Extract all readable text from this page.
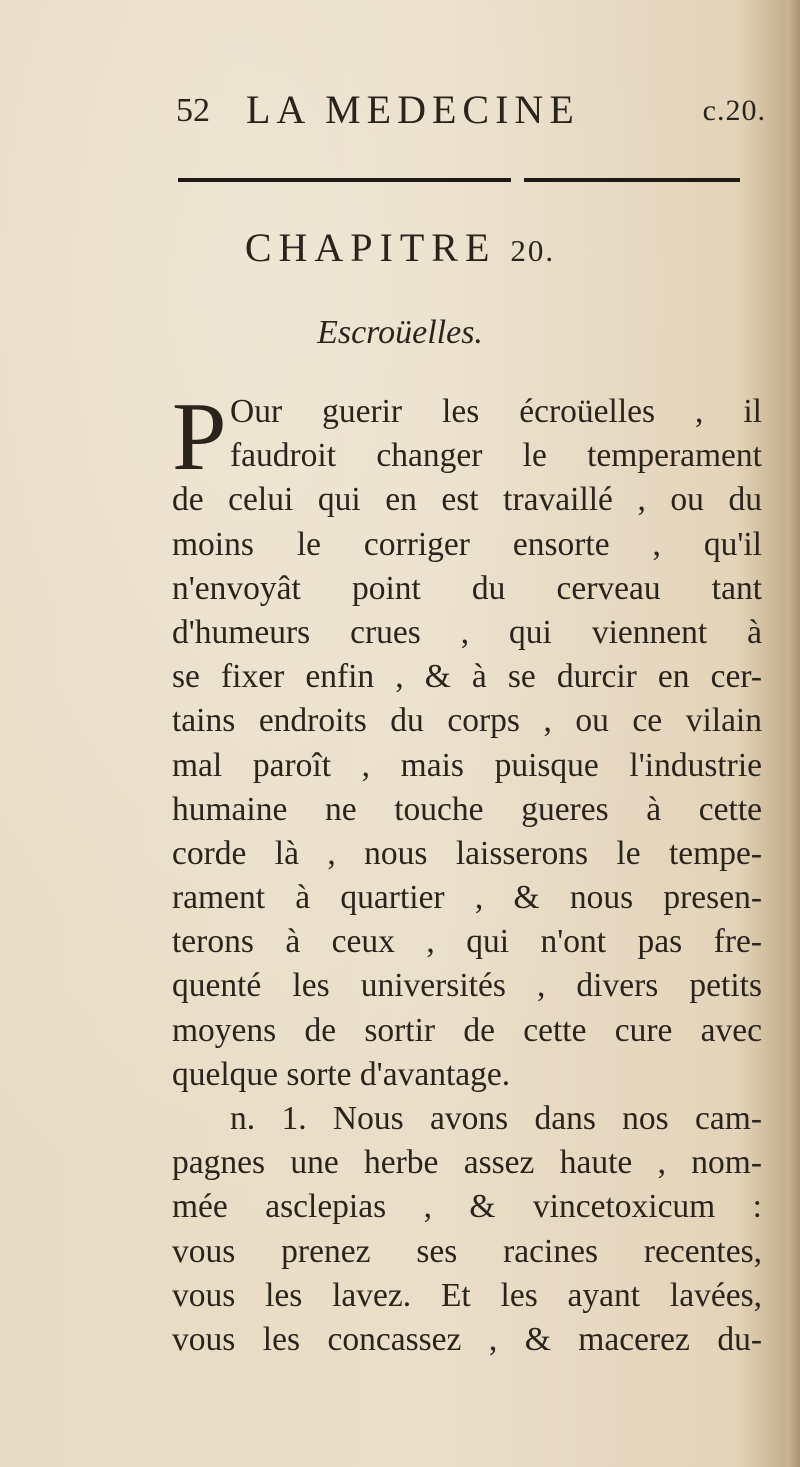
52 LA MEDECINE	c.20.
CHAPITRE 20.
Escroüelles.
P Our guerir les écroüelles , il
faudroit changer le temperament
de celui qui en est travaillé , ou du
moins le corriger ensorte , qu'il
n'envoyât point du cerveau tant
d'humeurs crues , qui viennent à
se fixer enfin , & à se durcir en cer-
tains endroits du corps , ou ce vilain
mal paroît , mais puisque l'industrie
humaine ne touche gueres à cette
corde là , nous laisserons le tempe-
rament à quartier , & nous presen-
terons à ceux , qui n'ont pas fre-
quenté les universités , divers petits
moyens de sortir de cette cure avec
quelque sorte d'avantage.
n. 1. Nous avons dans nos cam-
pagnes une herbe assez haute , nom-
mée asclepias , & vincetoxicum :
vous prenez ses racines recentes,
vous les lavez. Et les ayant lavées,
vous les concassez , & macerez du-
